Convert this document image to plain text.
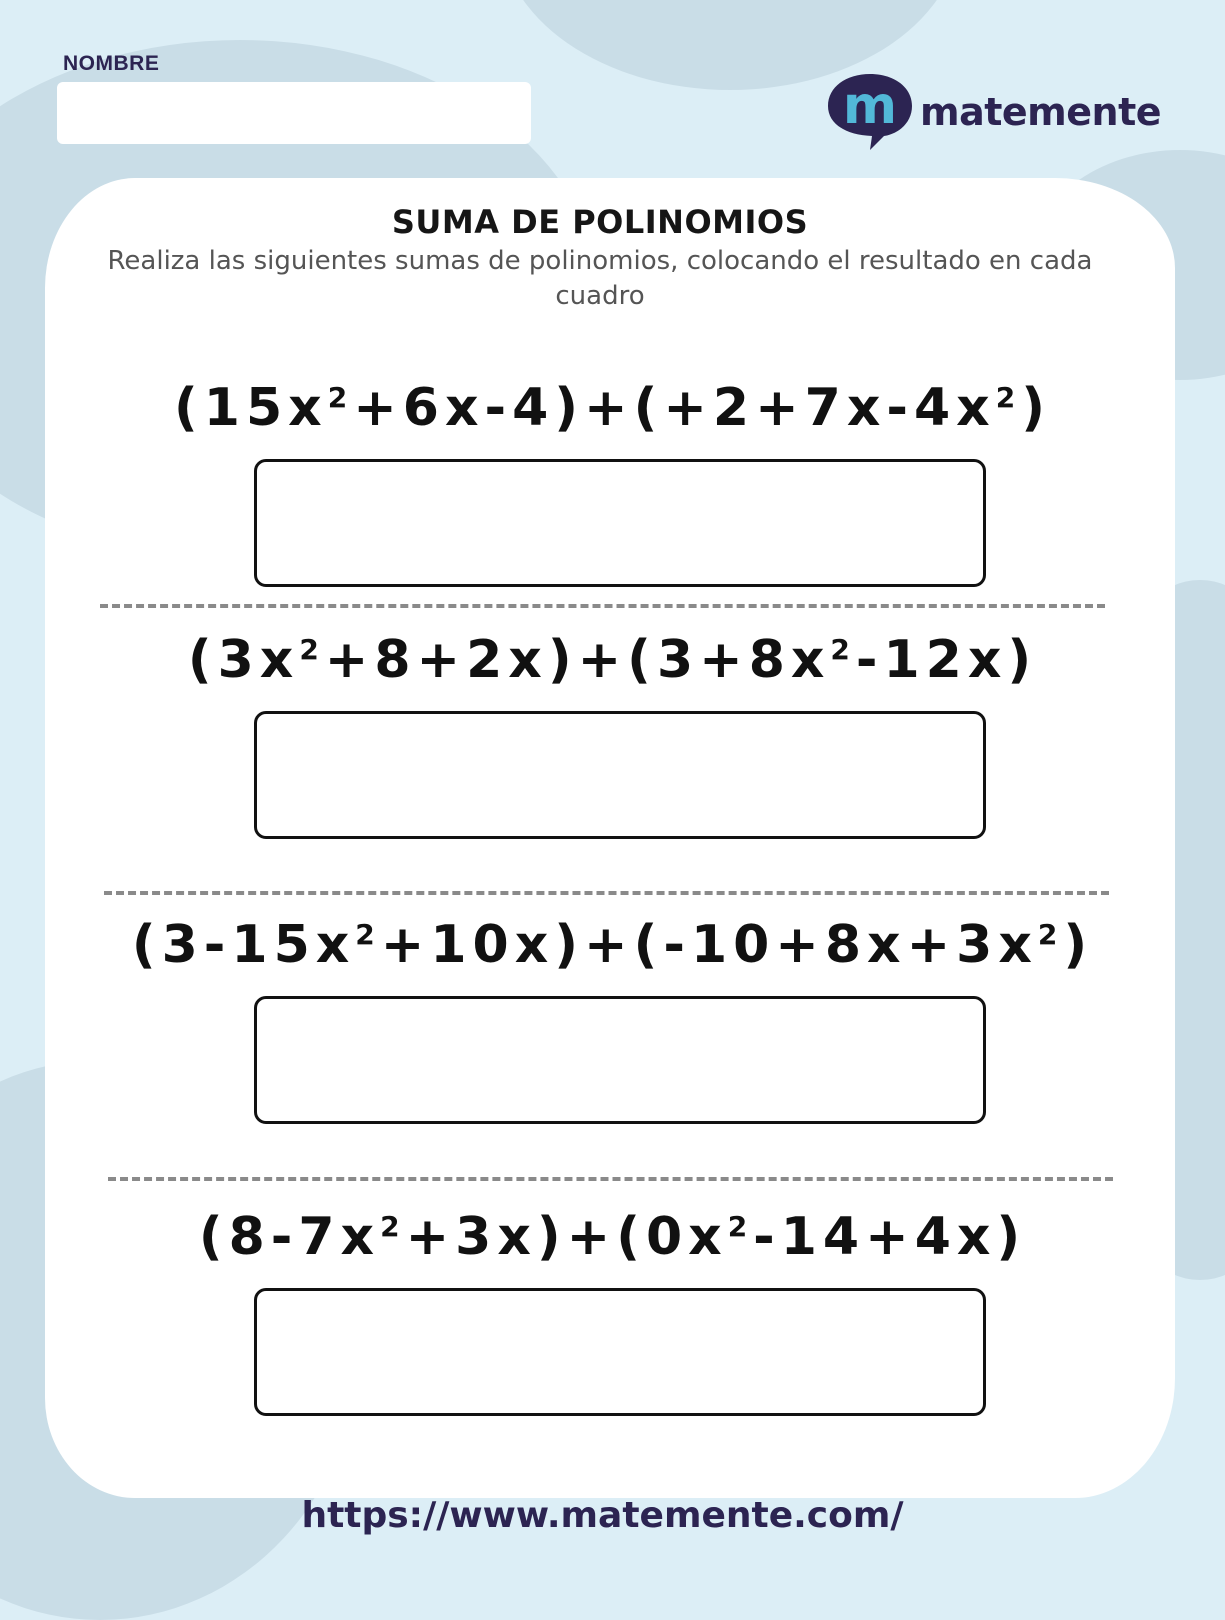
NOMBRE
m matemente
SUMA DE POLINOMIOS
Realiza las siguientes sumas de polinomios, colocando el resultado en cada cuadro
$(15x^2+6x-4)+(+2+7x-4x^2)$
$(3x^2+8+2x)+(3+8x^2-12x)$
$(3-15x^2+10x)+(-10+8x+3x^2)$
$(8-7x^2+3x)+(0x^2-14+4x)$
https://www.matemente.com/
